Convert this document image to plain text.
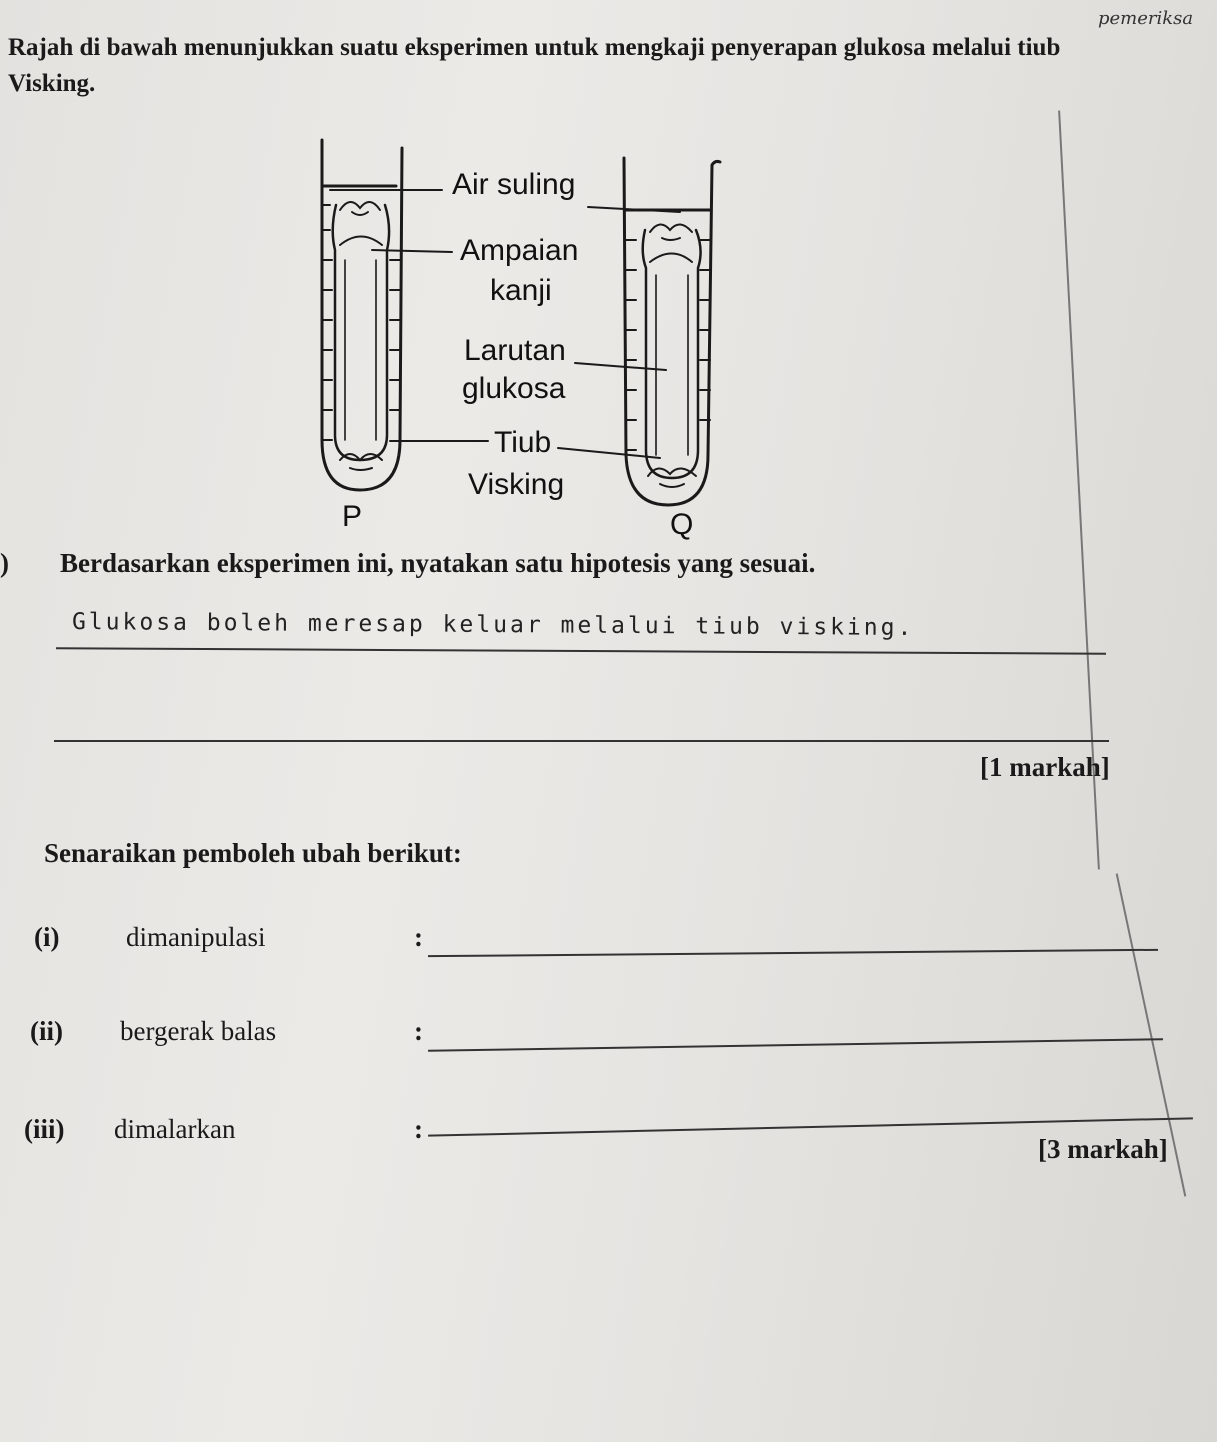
pemeriksa
Rajah di bawah menunjukkan suatu eksperimen untuk mengkaji penyerapan glukosa melalui tiub Visking.
Air suling
Ampaian
kanji
Larutan
glukosa
Tiub
Visking
P	Q
) Berdasarkan eksperimen ini, nyatakan satu hipotesis yang sesuai.
Glukosa boleh meresap keluar melalui tiub visking.
[1 markah]
Senaraikan pemboleh ubah berikut:
(i) dimanipulasi	:
(ii) bergerak balas	:
(iii) dimalarkan	:
[3 markah]
